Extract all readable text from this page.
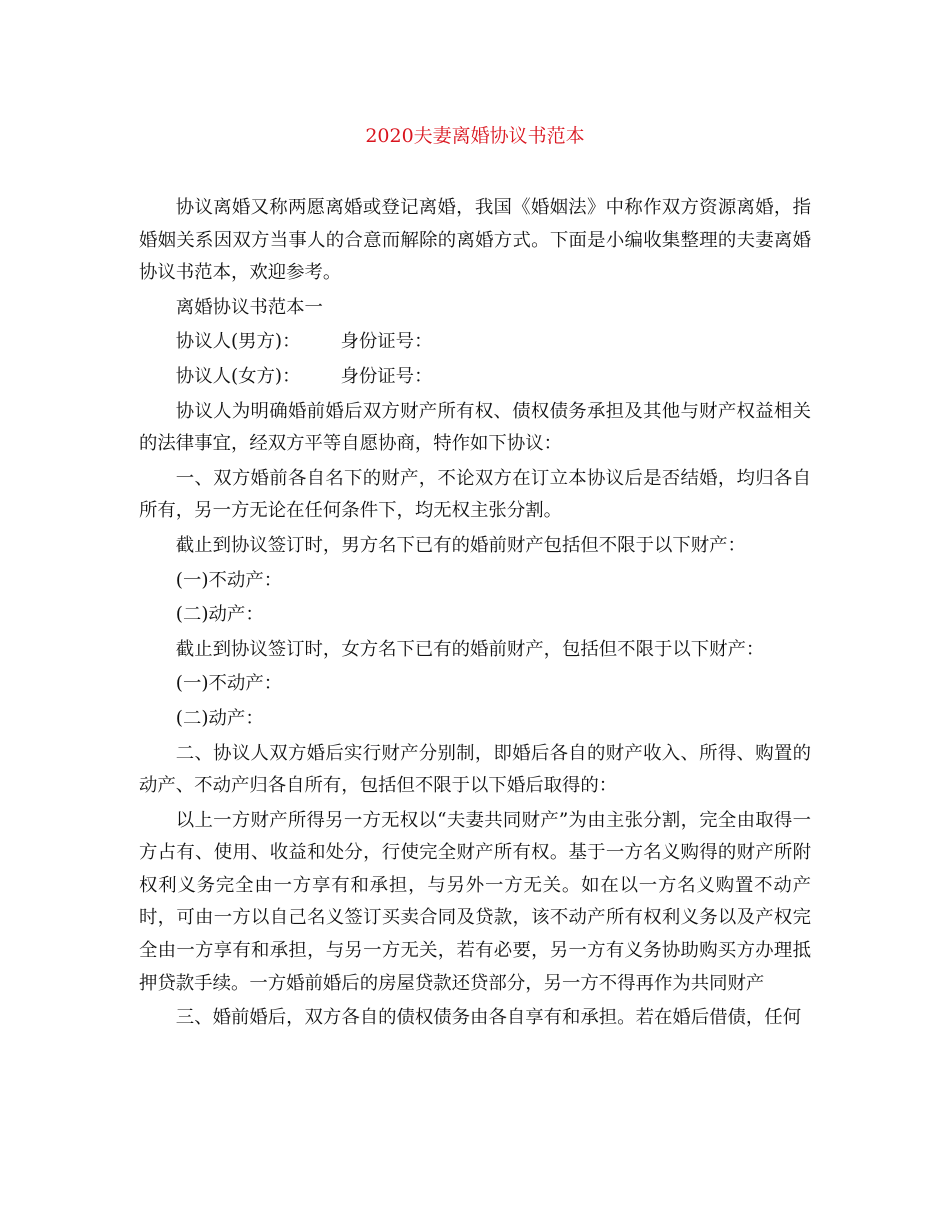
2020夫妻离婚协议书范本

协议离婚又称两愿离婚或登记离婚，我国《婚姻法》中称作双方资源离婚，指婚姻关系因双方当事人的合意而解除的离婚方式。下面是小编收集整理的夫妻离婚协议书范本，欢迎参考。

离婚协议书范本一

协议人(男方)： 身份证号：

协议人(女方)： 身份证号：

协议人为明确婚前婚后双方财产所有权、债权债务承担及其他与财产权益相关的法律事宜，经双方平等自愿协商，特作如下协议：

一、双方婚前各自名下的财产，不论双方在订立本协议后是否结婚，均归各自所有，另一方无论在任何条件下，均无权主张分割。

截止到协议签订时，男方名下已有的婚前财产包括但不限于以下财产：

(一)不动产：

(二)动产：

截止到协议签订时，女方名下已有的婚前财产，包括但不限于以下财产：

(一)不动产：

(二)动产：

二、协议人双方婚后实行财产分别制，即婚后各自的财产收入、所得、购置的动产、不动产归各自所有，包括但不限于以下婚后取得的：

以上一方财产所得另一方无权以“夫妻共同财产”为由主张分割，完全由取得一方占有、使用、收益和处分，行使完全财产所有权。基于一方名义购得的财产所附权利义务完全由一方享有和承担，与另外一方无关。如在以一方名义购置不动产时，可由一方以自己名义签订买卖合同及贷款，该不动产所有权利义务以及产权完全由一方享有和承担，与另一方无关，若有必要，另一方有义务协助购买方办理抵押贷款手续。一方婚前婚后的房屋贷款还贷部分，另一方不得再作为共同财产

三、婚前婚后，双方各自的债权债务由各自享有和承担。若在婚后借债，任何
